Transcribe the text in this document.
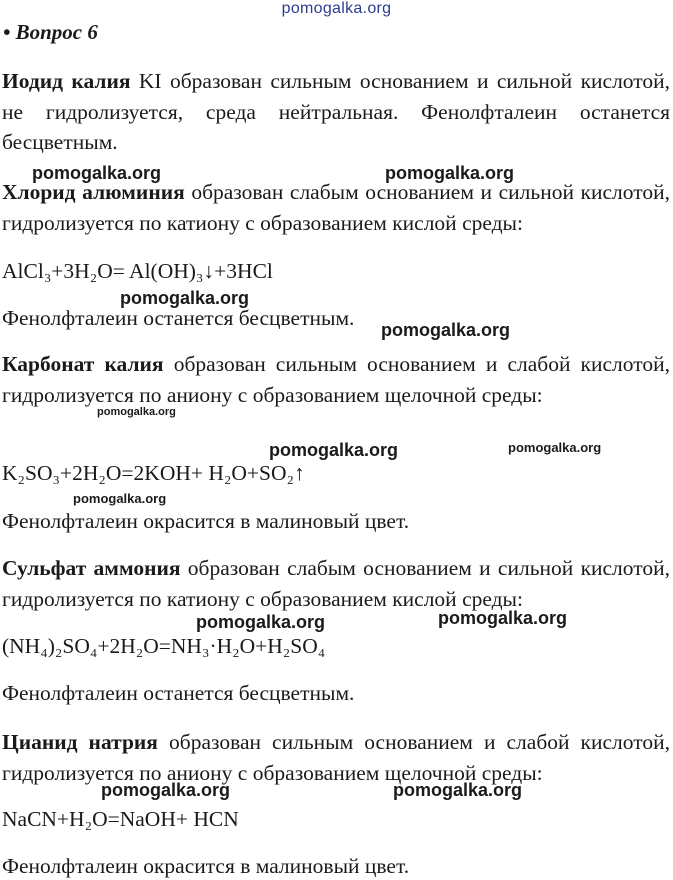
pomogalka.org
• Вопрос 6
Иодид калия KI образован сильным основанием и сильной кислотой, не гидролизуется, среда нейтральная. Фенолфталеин останется бесцветным.
Хлорид алюминия образован слабым основанием и сильной кислотой, гидролизуется по катиону с образованием кислой среды:
AlCl₃+3H₂O= Al(OH)₃↓+3HCl
Фенолфталеин останется бесцветным.
Карбонат калия образован сильным основанием и слабой кислотой, гидролизуется по аниону с образованием щелочной среды:
K₂SO₃+2H₂O=2KOH+ H₂O+SO₂↑
Фенолфталеин окрасится в малиновый цвет.
Сульфат аммония образован слабым основанием и сильной кислотой, гидролизуется по катиону с образованием кислой среды:
(NH₄)₂SO₄+2H₂O=NH₃·H₂O+H₂SO₄
Фенолфталеин останется бесцветным.
Цианид натрия образован сильным основанием и слабой кислотой, гидролизуется по аниону с образованием щелочной среды:
NaCN+H₂O=NaOH+ HCN
Фенолфталеин окрасится в малиновый цвет.
pomogalka.org	pomogalka.org
pomogalka.org
pomogalka.org
pomogalka.org
pomogalka.org	pomogalka.org
pomogalka.org
pomogalka.org	pomogalka.org
pomogalka.org	pomogalka.org
